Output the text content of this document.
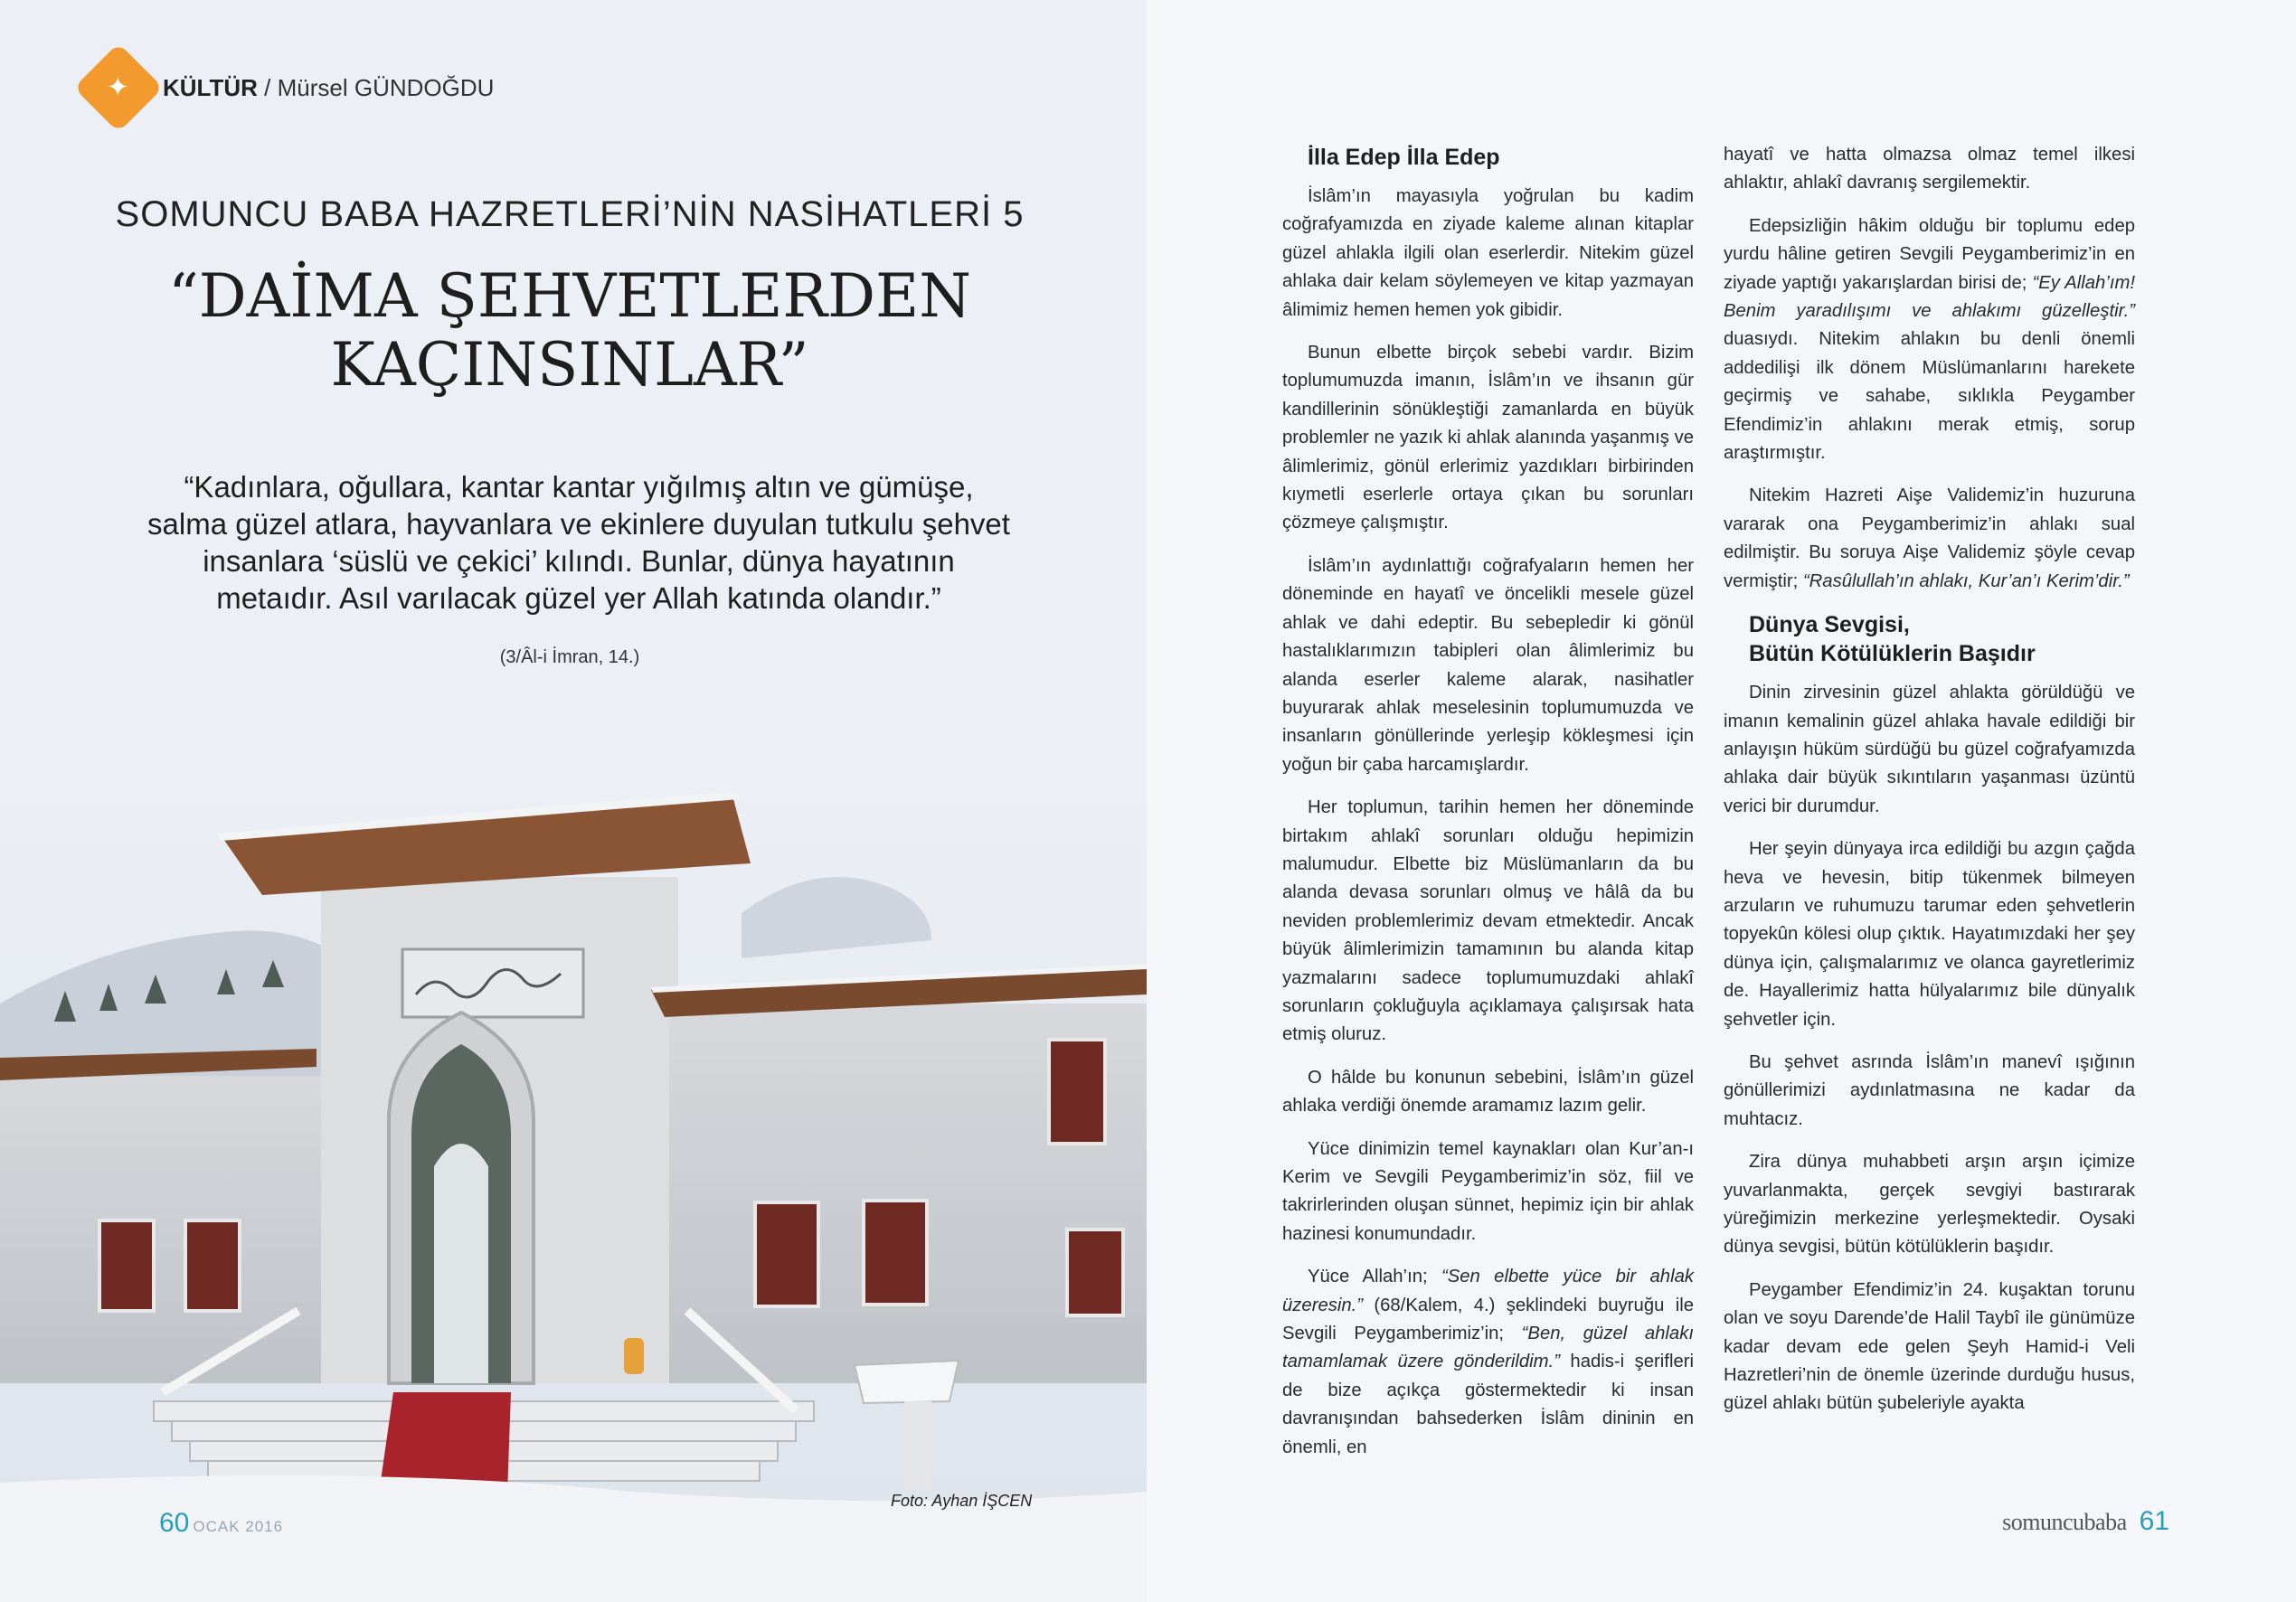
✦ KÜLTÜR / Mürsel GÜNDOĞDU
SOMUNCU BABA HAZRETLERİ’NİN NASİHATLERİ 5
“DAİMA ŞEHVETLERDEN
KAÇINSINLAR”
“Kadınlara, oğullara, kantar kantar yığılmış altın ve gümüşe, salma güzel atlara, hayvanlara ve ekinlere duyulan tutkulu şehvet insanlara ‘süslü ve çekici’ kılındı. Bunlar, dünya hayatının metaıdır. Asıl varılacak güzel yer Allah katında olandır.”
(3/Âl-i İmran, 14.)
Foto: Ayhan İŞCEN
60 OCAK 2016
İlla Edep İlla Edep

İslâm’ın mayasıyla yoğrulan bu kadim coğrafyamızda en ziyade kaleme alınan kitaplar güzel ahlakla ilgili olan eserlerdir. Nitekim güzel ahlaka dair kelam söylemeyen ve kitap yazmayan âlimimiz hemen hemen yok gibidir.

Bunun elbette birçok sebebi vardır. Bizim toplumumuzda imanın, İslâm’ın ve ihsanın gür kandillerinin sönükleştiği zamanlarda en büyük problemler ne yazık ki ahlak alanında yaşanmış ve âlimlerimiz, gönül erlerimiz yazdıkları birbirinden kıymetli eserlerle ortaya çıkan bu sorunları çözmeye çalışmıştır.

İslâm’ın aydınlattığı coğrafyaların hemen her döneminde en hayatî ve öncelikli mesele güzel ahlak ve dahi edeptir. Bu sebepledir ki gönül hastalıklarımızın tabipleri olan âlimlerimiz bu alanda eserler kaleme alarak, nasihatler buyurarak ahlak meselesinin toplumumuzda ve insanların gönüllerinde yerleşip kökleşmesi için yoğun bir çaba harcamışlardır.

Her toplumun, tarihin hemen her döneminde birtakım ahlakî sorunları olduğu hepimizin malumudur. Elbette biz Müslümanların da bu alanda devasa sorunları olmuş ve hâlâ da bu neviden problemlerimiz devam etmektedir. Ancak büyük âlimlerimizin tamamının bu alanda kitap yazmalarını sadece toplumumuzdaki ahlakî sorunların çokluğuyla açıklamaya çalışırsak hata etmiş oluruz.

O hâlde bu konunun sebebini, İslâm’ın güzel ahlaka verdiği önemde aramamız lazım gelir.

Yüce dinimizin temel kaynakları olan Kur’an-ı Kerim ve Sevgili Peygamberimiz’in söz, fiil ve takrirlerinden oluşan sünnet, hepimiz için bir ahlak hazinesi konumundadır.

Yüce Allah’ın; “Sen elbette yüce bir ahlak üzeresin.” (68/Kalem, 4.) şeklindeki buyruğu ile Sevgili Peygamberimiz’in; “Ben, güzel ahlakı tamamlamak üzere gönderildim.” hadis-i şerifleri de bize açıkça göstermektedir ki insan davranışından bahsederken İslâm dininin en önemli, en

hayatî ve hatta olmazsa olmaz temel ilkesi ahlaktır, ahlakî davranış sergilemektir.

Edepsizliğin hâkim olduğu bir toplumu edep yurdu hâline getiren Sevgili Peygamberimiz’in en ziyade yaptığı yakarışlardan birisi de; “Ey Allah’ım! Benim yaradılışımı ve ahlakımı güzelleştir.” duasıydı. Nitekim ahlakın bu denli önemli addedilişi ilk dönem Müslümanlarını harekete geçirmiş ve sahabe, sıklıkla Peygamber Efendimiz’in ahlakını merak etmiş, sorup araştırmıştır.

Nitekim Hazreti Aişe Validemiz’in huzuruna vararak ona Peygamberimiz’in ahlakı sual edilmiştir. Bu soruya Aişe Validemiz şöyle cevap vermiştir; “Rasûlullah’ın ahlakı, Kur’an’ı Kerim’dir.”

Dünya Sevgisi,
Bütün Kötülüklerin Başıdır

Dinin zirvesinin güzel ahlakta görüldüğü ve imanın kemalinin güzel ahlaka havale edildiği bir anlayışın hüküm sürdüğü bu güzel coğrafyamızda ahlaka dair büyük sıkıntıların yaşanması üzüntü verici bir durumdur.

Her şeyin dünyaya irca edildiği bu azgın çağda heva ve hevesin, bitip tükenmek bilmeyen arzuların ve ruhumuzu tarumar eden şehvetlerin topyekûn kölesi olup çıktık. Hayatımızdaki her şey dünya için, çalışmalarımız ve olanca gayretlerimiz de. Hayallerimiz hatta hülyalarımız bile dünyalık şehvetler için.

Bu şehvet asrında İslâm’ın manevî ışığının gönüllerimizi aydınlatmasına ne kadar da muhtacız.

Zira dünya muhabbeti arşın arşın içimize yuvarlanmakta, gerçek sevgiyi bastırarak yüreğimizin merkezine yerleşmektedir. Oysaki dünya sevgisi, bütün kötülüklerin başıdır.

Peygamber Efendimiz’in 24. kuşaktan torunu olan ve soyu Darende’de Halil Taybî ile günümüze kadar devam ede gelen Şeyh Hamid-i Veli Hazretleri’nin de önemle üzerinde durduğu husus, güzel ahlakı bütün şubeleriyle ayakta

somuncubaba 61
